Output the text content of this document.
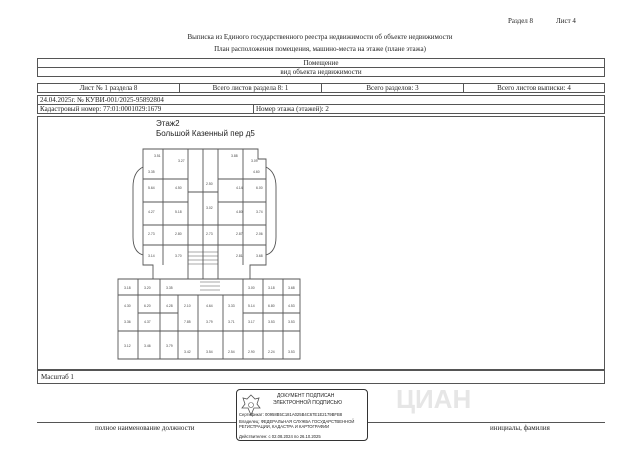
Раздел 8	Лист 4
Выписка из Единого государственного реестра недвижимости об объекте недвижимости
План расположения помещения, машино-места на этаже (плане этажа)
Помещение
вид объекта недвижимости
Лист № 1 раздела 8	Всего листов раздела 8: 1	Всего разделов: 3	Всего листов выписки: 4
24.04.2025г. № КУВИ-001/2025-95892804
Кадастровый номер: 77:01:0001029:1679	Номер этажа (этажей): 2
Этаж2
Большой Казенный пер д5
3.51
3.27
3.88
3.09
3.35	4.60
5.64	4.50
2.50
4.14	6.00
4.27	5.18
3.02
4.80	3.74
2.73	2.80	2.73	2.87	2.06
3.14	3.70	2.81	3.68
3.18	3.20	3.35	3.00	3.18	3.68
4.30	6.20	4.28	2.10	4.64	3.33	5.14	6.80	4.53
3.36	4.37	7.85	3.79	3.71	3.17	3.53	3.53
3.12	3.46	3.79
3.42	3.54	2.54	2.90	2.24	3.53
Масштаб 1
полное наименование должности	инициалы, фамилия
ЦИАН
ДОКУМЕНТ ПОДПИСАН
ЭЛЕКТРОННОЙ ПОДПИСЬЮ
Сертификат: 00958B5C181A025B4C67E1E2179BFB8
Владелец: ФЕДЕРАЛЬНАЯ СЛУЖБА ГОСУДАРСТВЕННОЙ РЕГИСТРАЦИИ, КАДАСТРА И КАРТОГРАФИИ
Действителен: с 02.08.2024 по 26.10.2025
